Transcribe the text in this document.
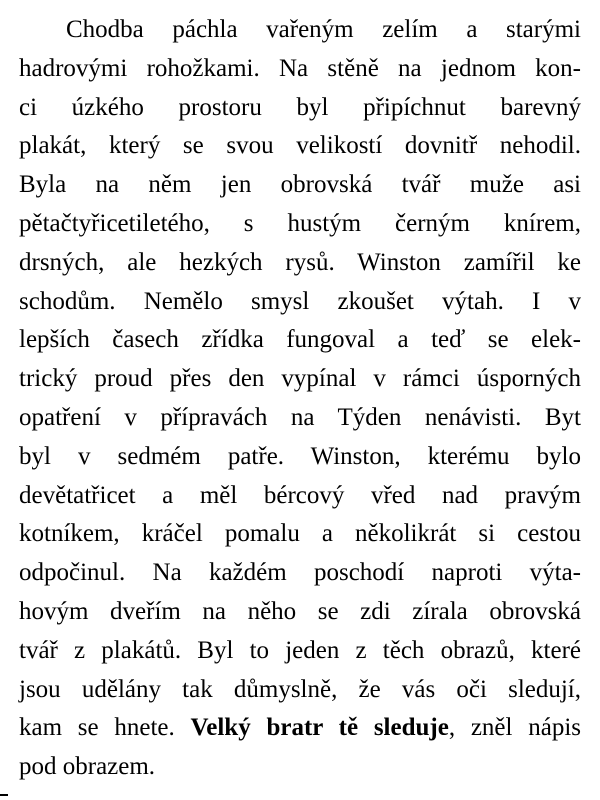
Chodba páchla vařeným zelím a starými
hadrovými rohožkami. Na stěně na jednom kon-
ci úzkého prostoru byl připíchnut barevný
plakát, který se svou velikostí dovnitř nehodil.
Byla na něm jen obrovská tvář muže asi
pětačtyřicetiletého, s hustým černým knírem,
drsných, ale hezkých rysů. Winston zamířil ke
schodům. Nemělo smysl zkoušet výtah. I v
lepších časech zřídka fungoval a teď se elek-
trický proud přes den vypínal v rámci úsporných
opatření v přípravách na Týden nenávisti. Byt
byl v sedmém patře. Winston, kterému bylo
devětatřicet a měl bércový vřed nad pravým
kotníkem, kráčel pomalu a několikrát si cestou
odpočinul. Na každém poschodí naproti výta-
hovým dveřím na něho se zdi zírala obrovská
tvář z plakátů. Byl to jeden z těch obrazů, které
jsou udělány tak důmyslně, že vás oči sledují,
kam se hnete. Velký bratr tě sleduje, zněl nápis
pod obrazem.
